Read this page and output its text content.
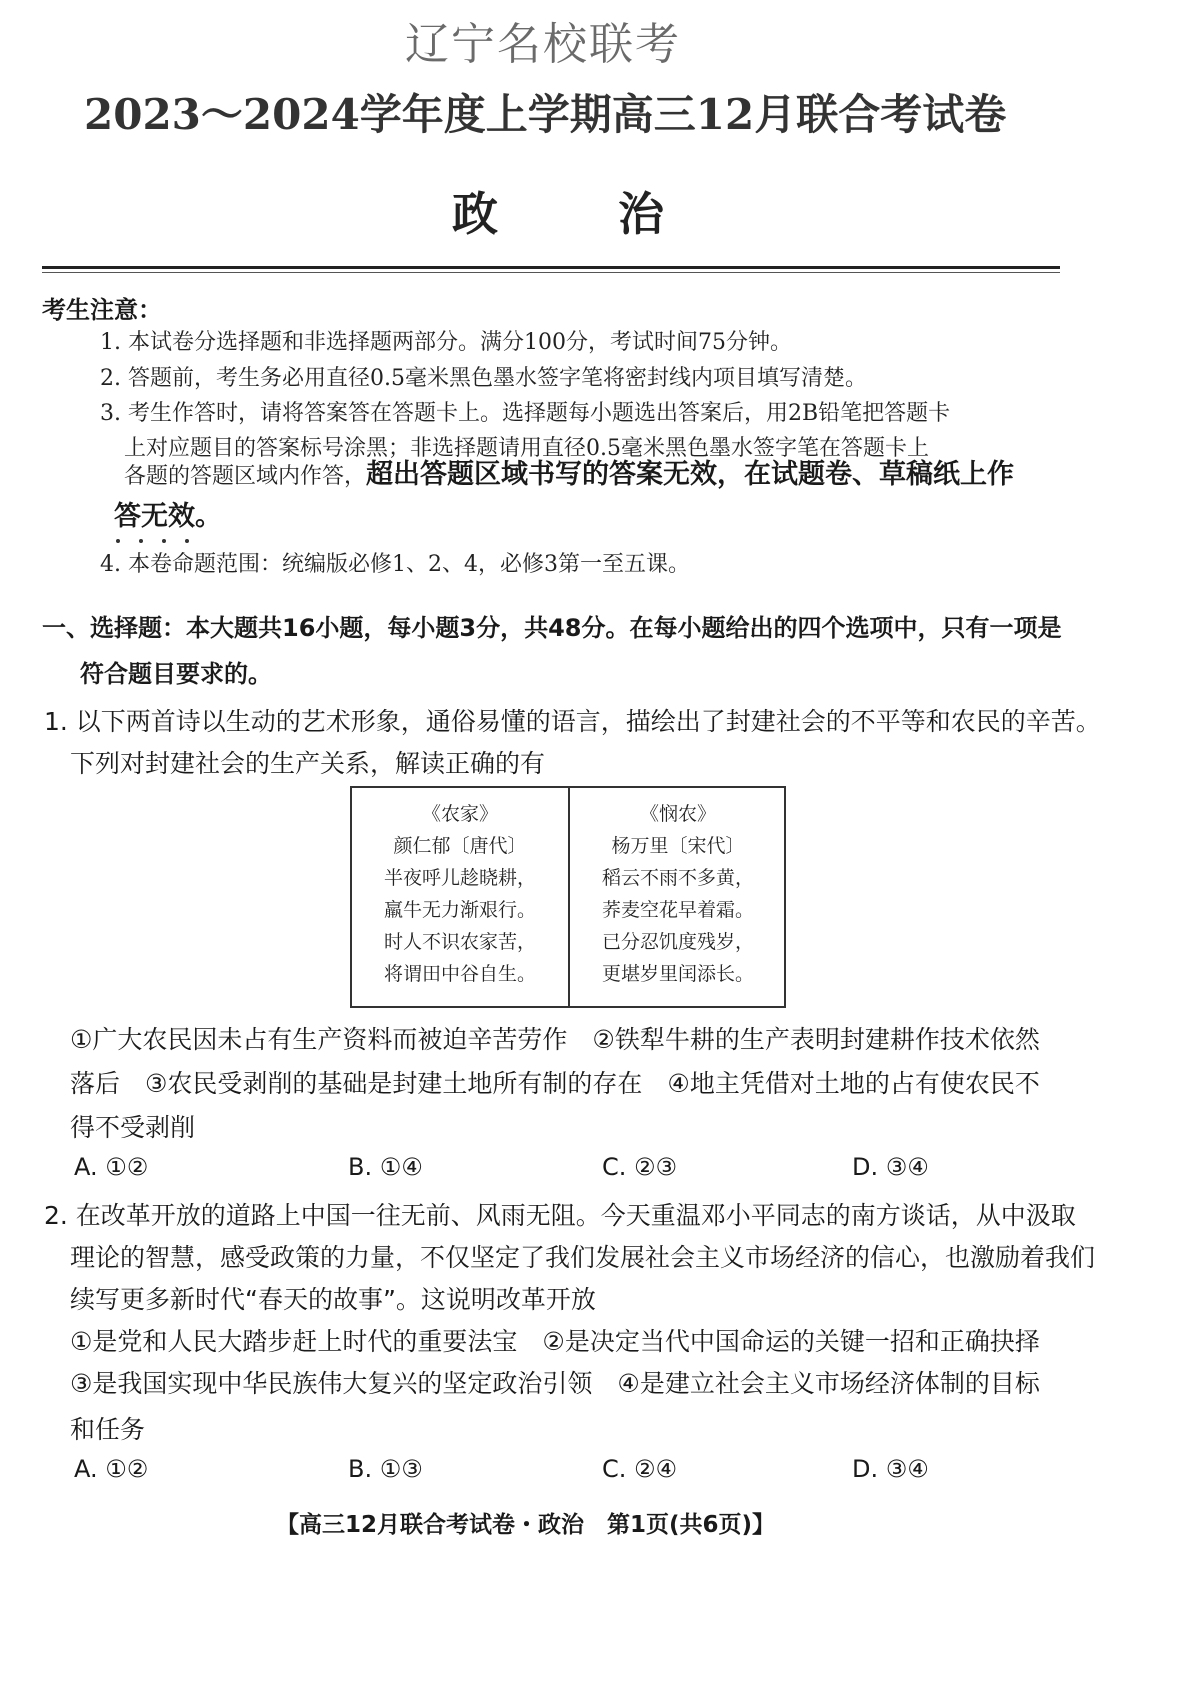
辽宁名校联考
2023～2024学年度上学期高三12月联合考试卷
政治
考生注意：
1. 本试卷分选择题和非选择题两部分。满分100分，考试时间75分钟。
2. 答题前，考生务必用直径0.5毫米黑色墨水签字笔将密封线内项目填写清楚。
3. 考生作答时，请将答案答在答题卡上。选择题每小题选出答案后，用2B铅笔把答题卡
上对应题目的答案标号涂黑；非选择题请用直径0.5毫米黑色墨水签字笔在答题卡上
各题的答题区域内作答，超出答题区域书写的答案无效，在试题卷、草稿纸上作
答无效。
4. 本卷命题范围：统编版必修1、2、4，必修3第一至五课。
一、选择题：本大题共16小题，每小题3分，共48分。在每小题给出的四个选项中，只有一项是
符合题目要求的。
1. 以下两首诗以生动的艺术形象，通俗易懂的语言，描绘出了封建社会的不平等和农民的辛苦。
下列对封建社会的生产关系，解读正确的有
《农家》
颜仁郁〔唐代〕
半夜呼儿趁晓耕，
羸牛无力渐艰行。
时人不识农家苦，
将谓田中谷自生。
《悯农》
杨万里〔宋代〕
稻云不雨不多黄，
荞麦空花早着霜。
已分忍饥度残岁，
更堪岁里闰添长。
①广大农民因未占有生产资料而被迫辛苦劳作　②铁犁牛耕的生产表明封建耕作技术依然
落后　③农民受剥削的基础是封建土地所有制的存在　④地主凭借对土地的占有使农民不
得不受剥削
A. ①②	B. ①④	C. ②③	D. ③④
2. 在改革开放的道路上中国一往无前、风雨无阻。今天重温邓小平同志的南方谈话，从中汲取
理论的智慧，感受政策的力量，不仅坚定了我们发展社会主义市场经济的信心，也激励着我们
续写更多新时代“春天的故事”。这说明改革开放
①是党和人民大踏步赶上时代的重要法宝　②是决定当代中国命运的关键一招和正确抉择
③是我国实现中华民族伟大复兴的坚定政治引领　④是建立社会主义市场经济体制的目标
和任务
A. ①②	B. ①③	C. ②④	D. ③④
【高三12月联合考试卷・政治　第1页(共6页)】
